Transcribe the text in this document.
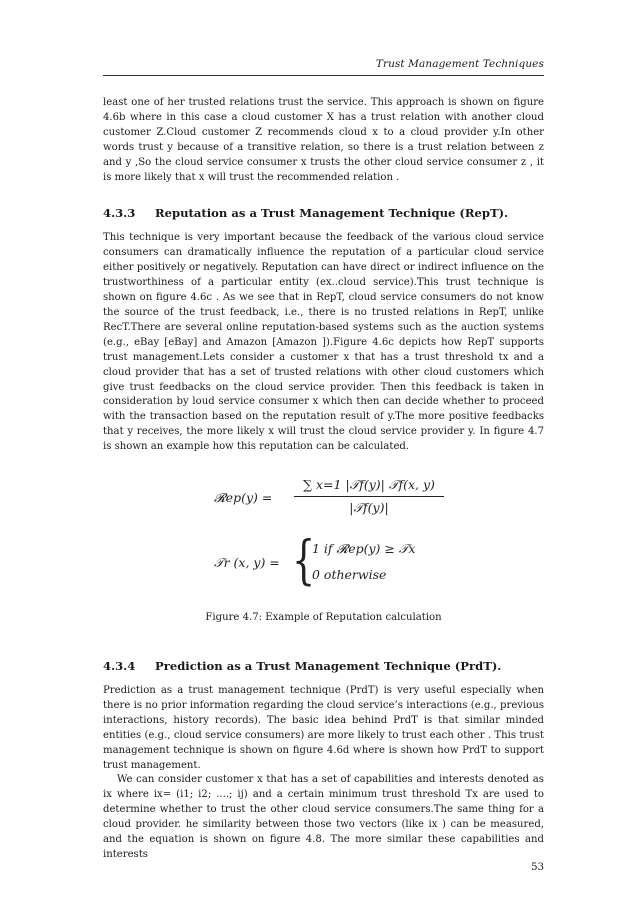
Trust Management Techniques

least one of her trusted relations trust the service. This approach is shown on figure 4.6b where in this case a cloud customer X has a trust relation with another cloud customer Z.Cloud customer Z recommends cloud x to a cloud provider y.In other words trust y because of a transitive relation, so there is a trust relation between z and y ,So the cloud service consumer x trusts the other cloud service consumer z , it is more likely that x will trust the recommended relation .

4.3.3 Reputation as a Trust Management Technique (RepT).

This technique is very important because the feedback of the various cloud service consumers can dramatically influence the reputation of a particular cloud service either positively or negatively. Reputation can have direct or indirect influence on the trustworthiness of a particular entity (ex..cloud service).This trust technique is shown on figure 4.6c . As we see that in RepT, cloud service consumers do not know the source of the trust feedback, i.e., there is no trusted relations in RepT, unlike RecT.There are several online reputation-based systems such as the auction systems (e.g., eBay [eBay] and Amazon [Amazon ]).Figure 4.6c depicts how RepT supports trust management.Lets consider a customer x that has a trust threshold tx and a cloud provider that has a set of trusted relations with other cloud customers which give trust feedbacks on the cloud service provider. Then this feedback is taken in consideration by loud service consumer x which then can decide whether to proceed with the transaction based on the reputation result of y.The more positive feedbacks that y receives, the more likely x will trust the cloud service provider y. In figure 4.7 is shown an example how this reputation can be calculated.

𝓡ep(y) =
∑ x=1 |𝒯f(y)| 𝒯f(x, y)
|𝒯f(y)|
𝒯r (x, y) = {
1 if 𝓡ep(y) ≥ 𝒯x
0 otherwise
Figure 4.7: Example of Reputation calculation
4.3.4 Prediction as a Trust Management Technique (PrdT).

Prediction as a trust management technique (PrdT) is very useful especially when there is no prior information regarding the cloud service’s interactions (e.g., previous interactions, history records). The basic idea behind PrdT is that similar minded entities (e.g., cloud service consumers) are more likely to trust each other . This trust management technique is shown on figure 4.6d where is shown how PrdT to support trust management.

We can consider customer x that has a set of capabilities and interests denoted as ix where ix= (i1; i2; ....; ij) and a certain minimum trust threshold Tx are used to determine whether to trust the other cloud service consumers.The same thing for a cloud provider. he similarity between those two vectors (like ix ) can be measured, and the equation is shown on figure 4.8. The more similar these capabilities and interests

53
